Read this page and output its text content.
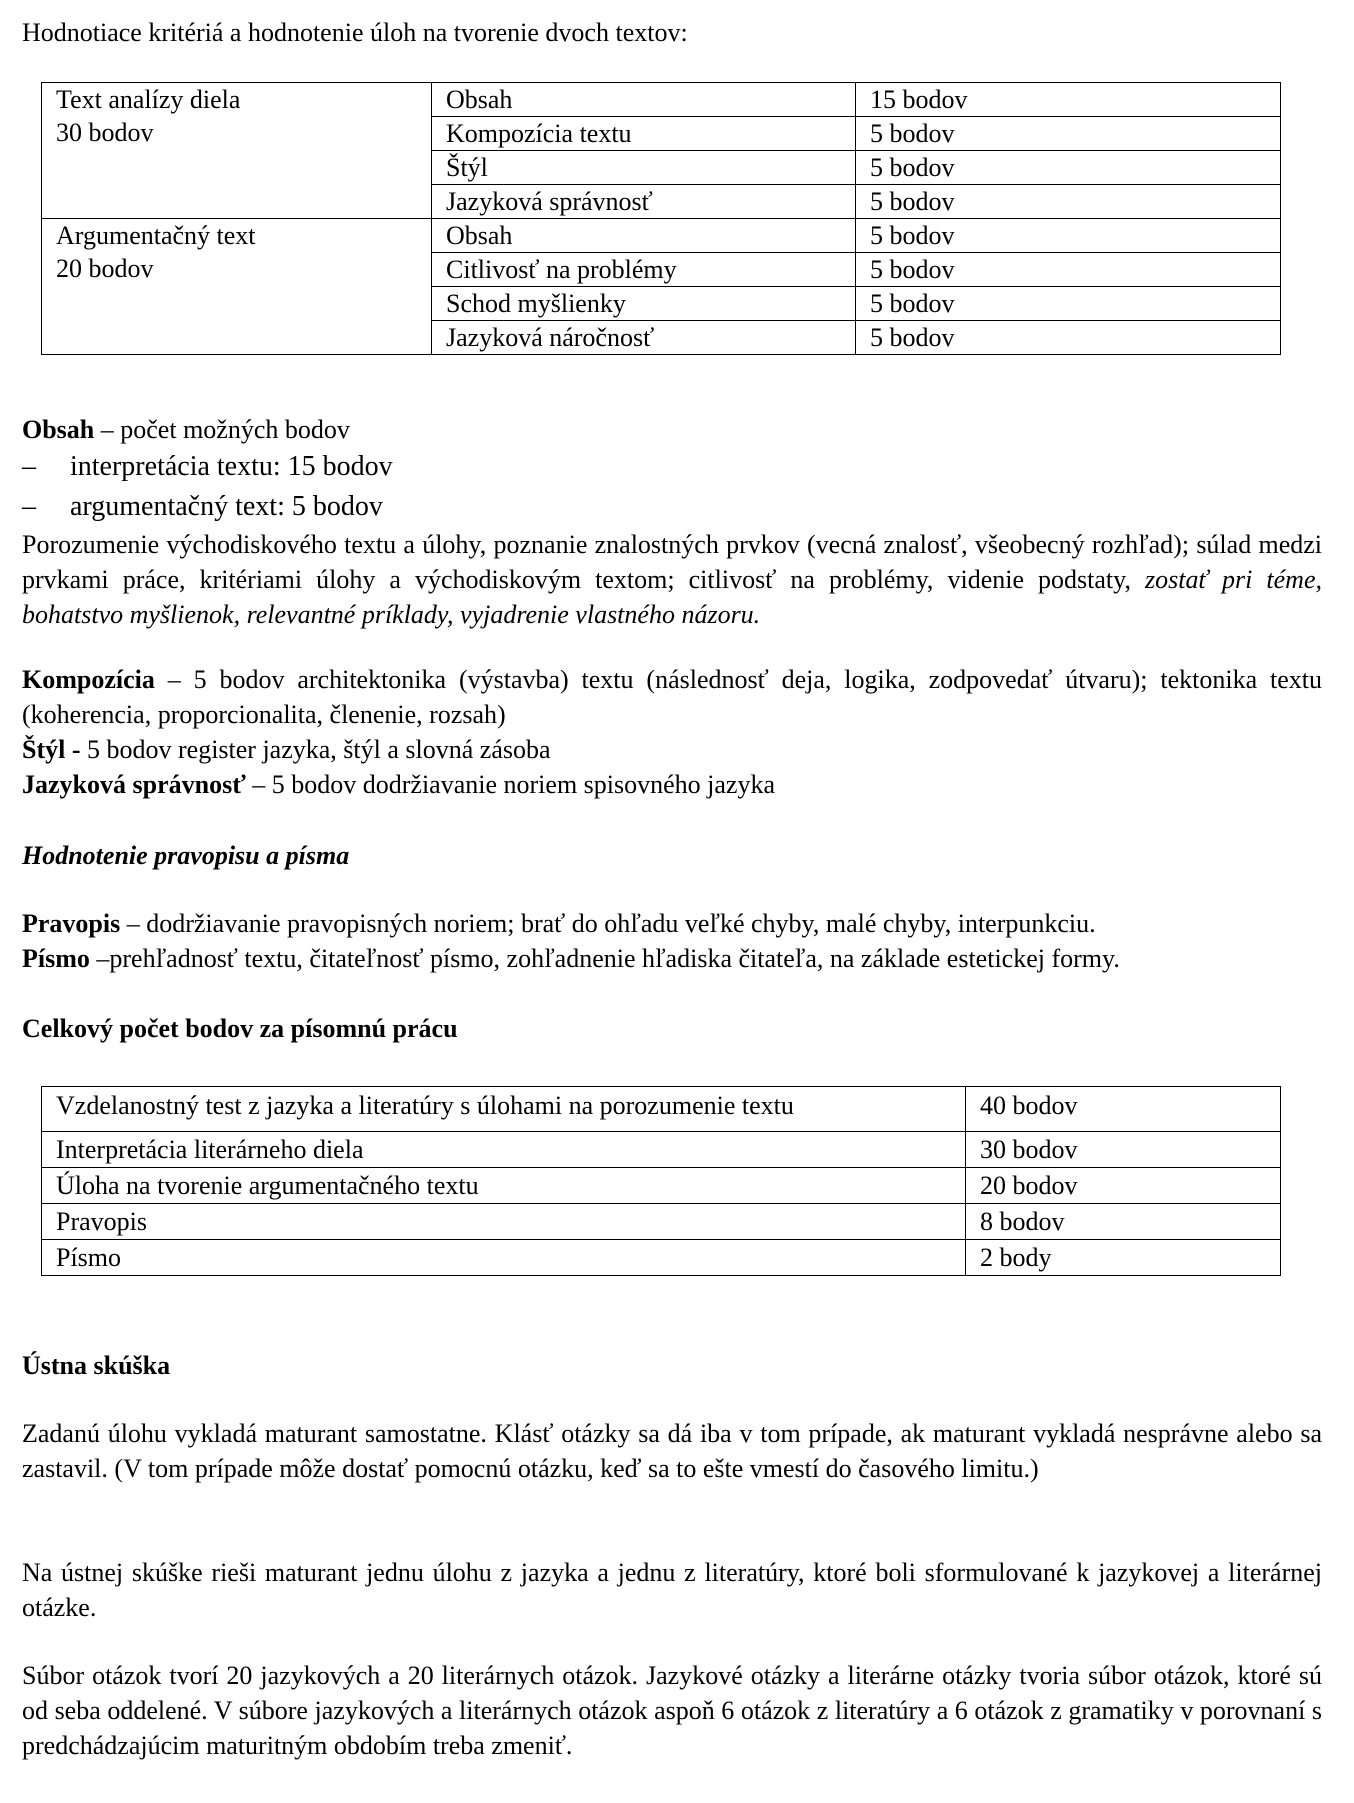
Hodnotiace kritériá a hodnotenie úloh na tvorenie dvoch textov:

Text analízy diela
30 bodov	Obsah	15 bodov
	Kompozícia textu	5 bodov
	Štýl	5 bodov
	Jazyková správnosť	5 bodov

Argumentačný text
20 bodov	Obsah	5 bodov
	Citlivosť na problémy	5 bodov
	Schod myšlienky	5 bodov
	Jazyková náročnosť	5 bodov

Obsah – počet možných bodov

– interpretácia textu: 15 bodov

– argumentačný text: 5 bodov

Porozumenie východiskového textu a úlohy, poznanie znalostných prvkov (vecná znalosť, všeobecný rozhľad); súlad medzi prvkami práce, kritériami úlohy a východiskovým textom; citlivosť na problémy, videnie podstaty, zostať pri téme, bohatstvo myšlienok, relevantné príklady, vyjadrenie vlastného názoru.

Kompozícia – 5 bodov architektonika (výstavba) textu (následnosť deja, logika, zodpovedať útvaru); tektonika textu (koherencia, proporcionalita, členenie, rozsah)

Štýl - 5 bodov register jazyka, štýl a slovná zásoba

Jazyková správnosť – 5 bodov dodržiavanie noriem spisovného jazyka

Hodnotenie pravopisu a písma

Pravopis – dodržiavanie pravopisných noriem; brať do ohľadu veľké chyby, malé chyby, interpunkciu.

Písmo –prehľadnosť textu, čitateľnosť písmo, zohľadnenie hľadiska čitateľa, na základe estetickej formy.

Celkový počet bodov za písomnú prácu

Vzdelanostný test z jazyka a literatúry s úlohami na porozumenie textu	40 bodov
Interpretácia literárneho diela	30 bodov
Úloha na tvorenie argumentačného textu	20 bodov
Pravopis	8 bodov
Písmo	2 body

Ústna skúška

Zadanú úlohu vykladá maturant samostatne. Klásť otázky sa dá iba v tom prípade, ak maturant vykladá nesprávne alebo sa zastavil. (V tom prípade môže dostať pomocnú otázku, keď sa to ešte vmestí do časového limitu.)

Na ústnej skúške rieši maturant jednu úlohu z jazyka a jednu z literatúry, ktoré boli sformulované k jazykovej a literárnej otázke.

Súbor otázok tvorí 20 jazykových a 20 literárnych otázok. Jazykové otázky a literárne otázky tvoria súbor otázok, ktoré sú od seba oddelené. V súbore jazykových a literárnych otázok aspoň 6 otázok z literatúry a 6 otázok z gramatiky v porovnaní s predchádzajúcim maturitným obdobím treba zmeniť.
